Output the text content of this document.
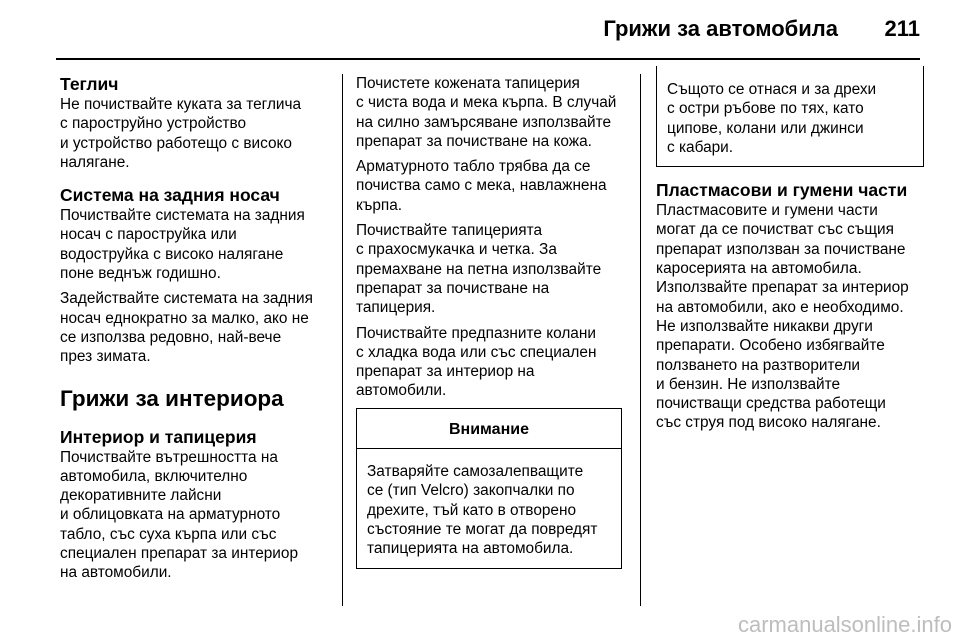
Грижи за автомобила 211
Теглич

Не почиствайте куката за теглича
с пароструйно устройство
и устройство работещо с високо
налягане.

Система на задния носач

Почиствайте системата на задния
носач с пароструйка или
водоструйка с високо налягане
поне веднъж годишно.

Задействайте системата на задния
носач еднократно за малко, ако не
се използва редовно, най-вече
през зимата.

Грижи за интериора
Интериор и тапицерия

Почиствайте вътрешността на
автомобила, включително
декоративните лайсни
и облицовката на арматурното
табло, със суха кърпа или със
специален препарат за интериор
на автомобили.

Почистете кожената тапицерия
с чиста вода и мека кърпа. В случай
на силно замърсяване използвайте
препарат за почистване на кожа.

Арматурното табло трябва да се
почиства само с мека, навлажнена
кърпа.

Почиствайте тапицерията
с прахосмукачка и четка. За
премахване на петна използвайте
препарат за почистване на
тапицерия.

Почиствайте предпазните колани
с хладка вода или със специален
препарат за интериор на
автомобили.

Внимание

Затваряйте самозалепващите
се (тип Velcro) закопчалки по
дрехите, тъй като в отворено
състояние те могат да повредят
тапицерията на автомобила.

Същото се отнася и за дрехи
с остри ръбове по тях, като
ципове, колани или джинси
с кабари.

Пластмасови и гумени части

Пластмасовите и гумени части
могат да се почистват със същия
препарат използван за почистване
каросерията на автомобила.
Използвайте препарат за интериор
на автомобили, ако е необходимо.
Не използвайте никакви други
препарати. Особено избягвайте
ползването на разтворители
и бензин. Не използвайте
почистващи средства работещи
със струя под високо налягане.

carmanualsonline.info
